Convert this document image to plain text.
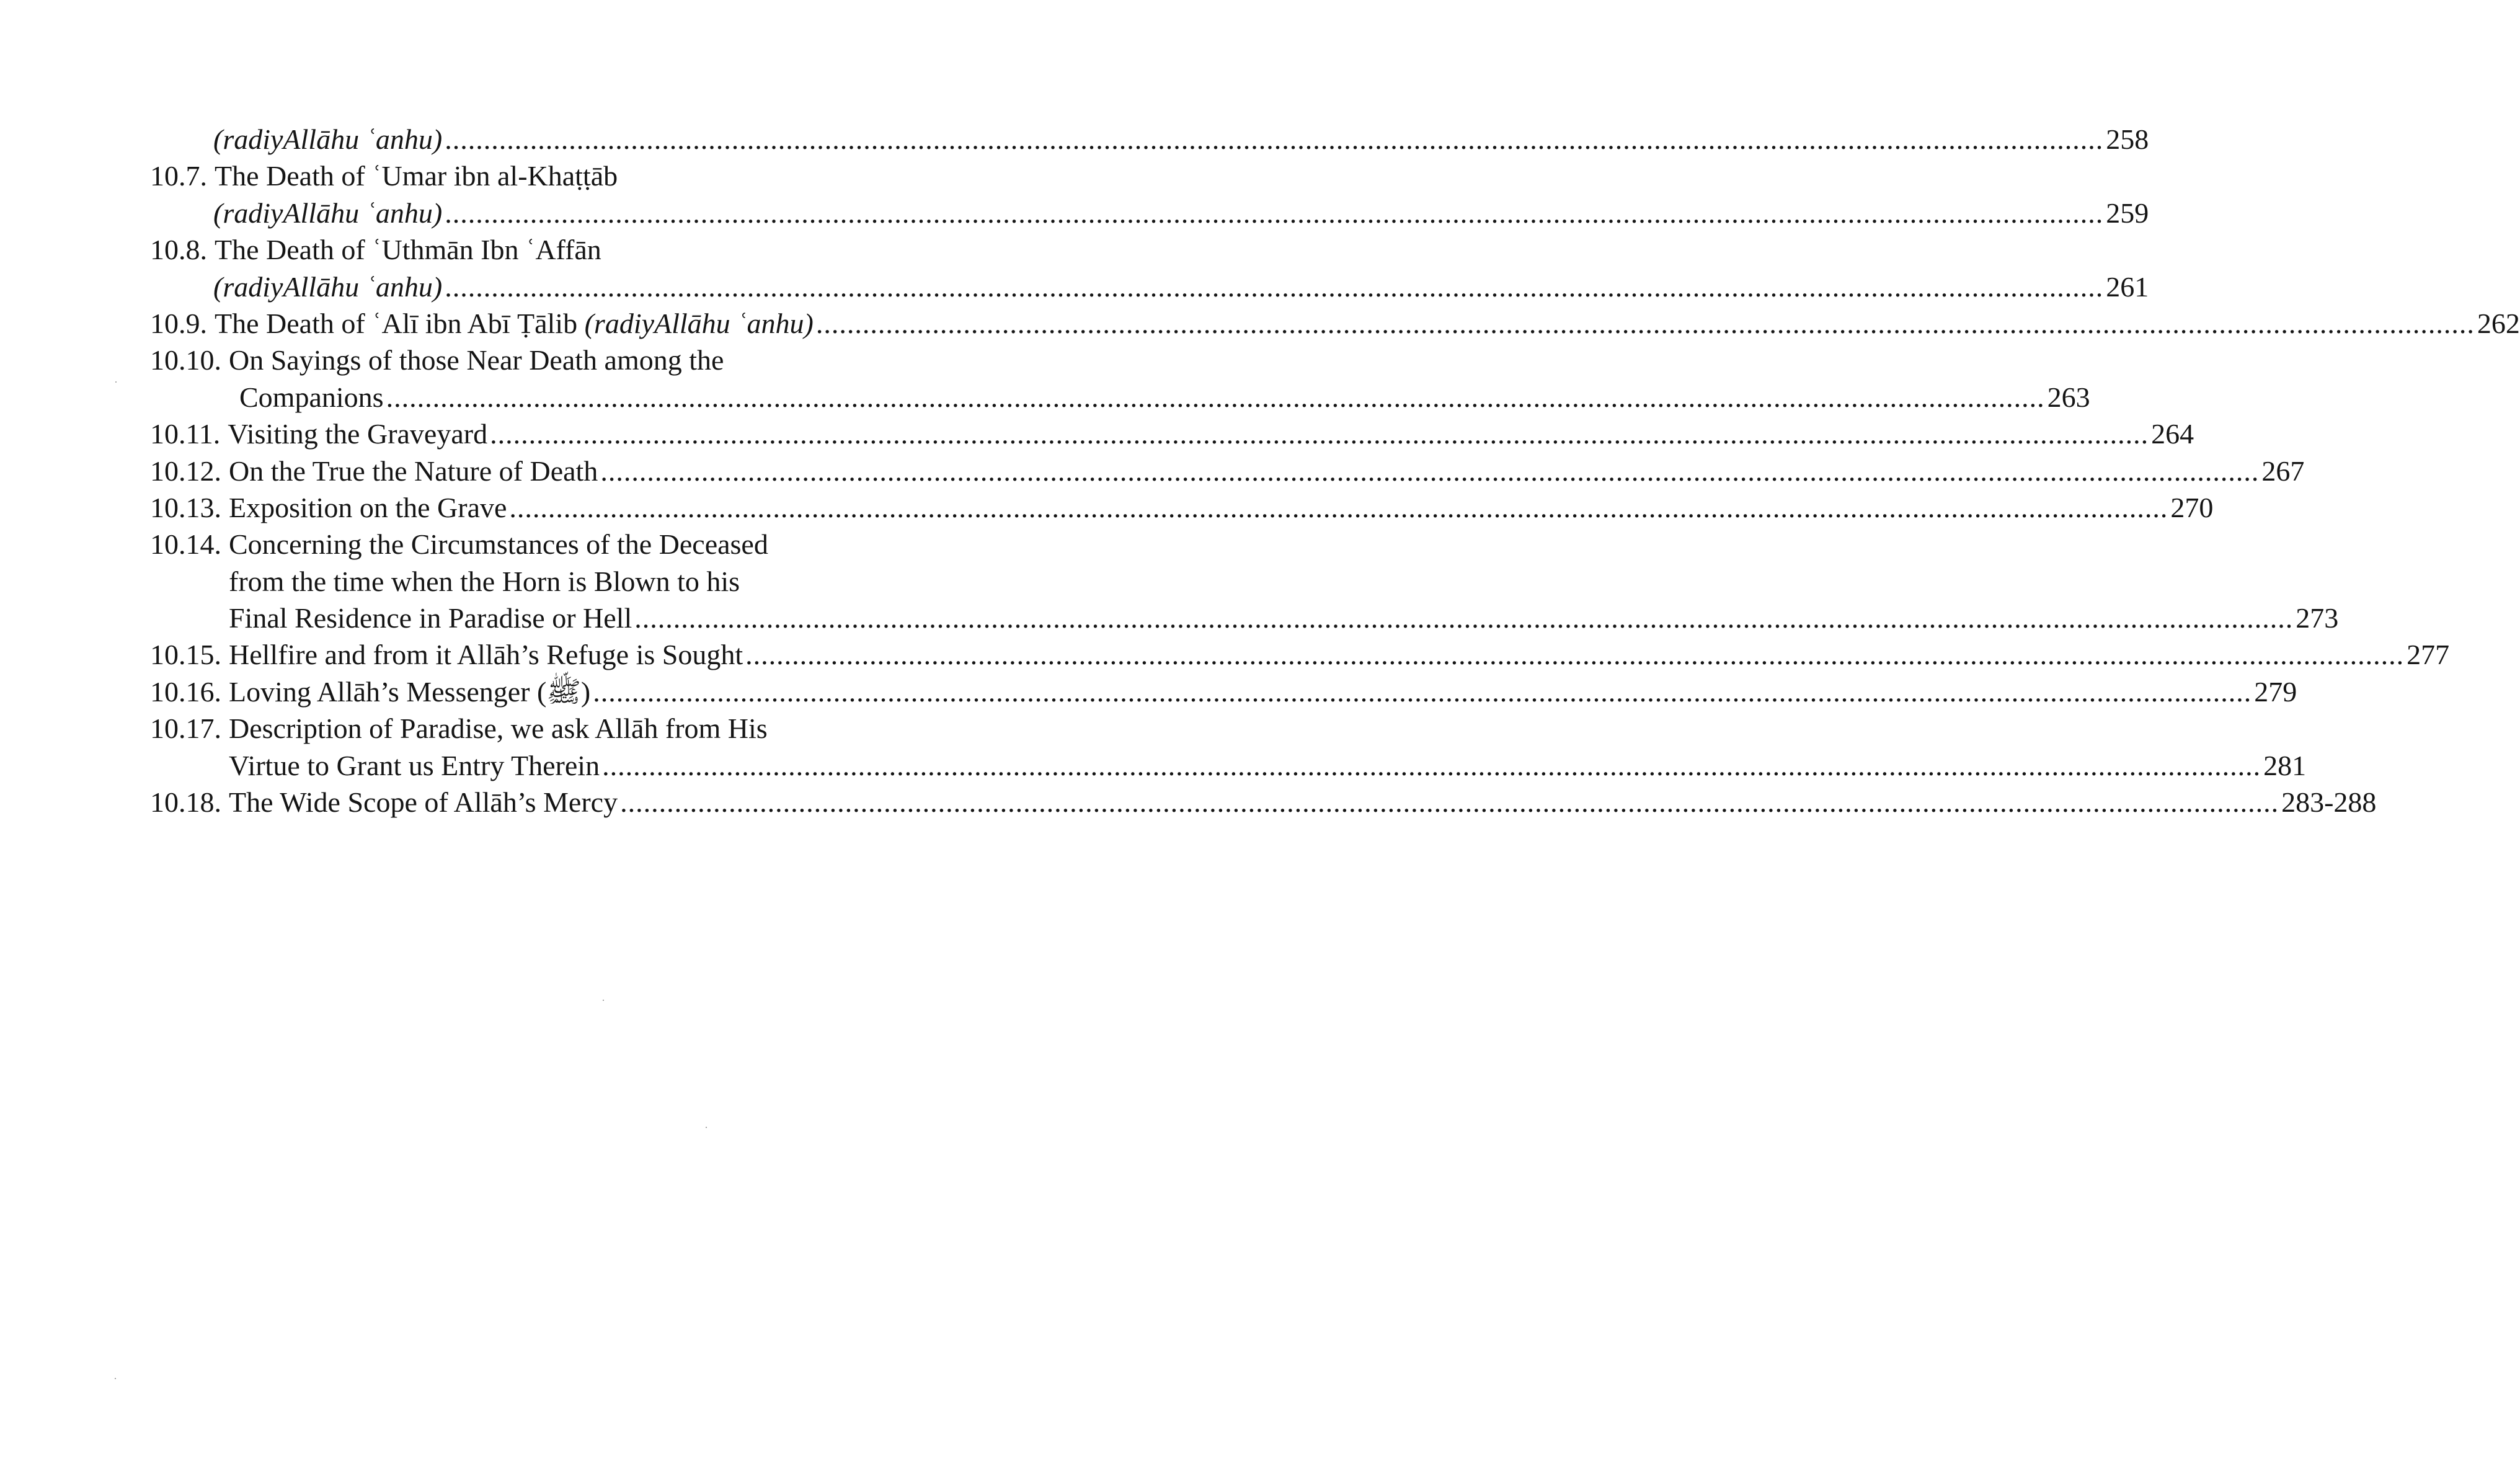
(radiyAllāhu ʿanhu) .....	258
10.7. The Death of ʿUmar ibn al-Khaṭṭāb
(radiyAllāhu ʿanhu) .....	259
10.8. The Death of ʿUthmān Ibn ʿAffān
(radiyAllāhu ʿanhu) .....	261
10.9. The Death of ʿAlī ibn Abī Ṭālib (radiyAllāhu ʿanhu) .....	262
10.10. On Sayings of those Near Death among the
Companions .....	263
10.11. Visiting the Graveyard .....	264
10.12. On the True the Nature of Death .....	267
10.13. Exposition on the Grave .....	270
10.14. Concerning the Circumstances of the Deceased
from the time when the Horn is Blown to his
Final Residence in Paradise or Hell .....	273
10.15. Hellfire and from it Allāh’s Refuge is Sought .....	277
10.16. Loving Allāh’s Messenger (ﷺ) .....	279
10.17. Description of Paradise, we ask Allāh from His
Virtue to Grant us Entry Therein .....	281
10.18. The Wide Scope of Allāh’s Mercy .....	283-288
